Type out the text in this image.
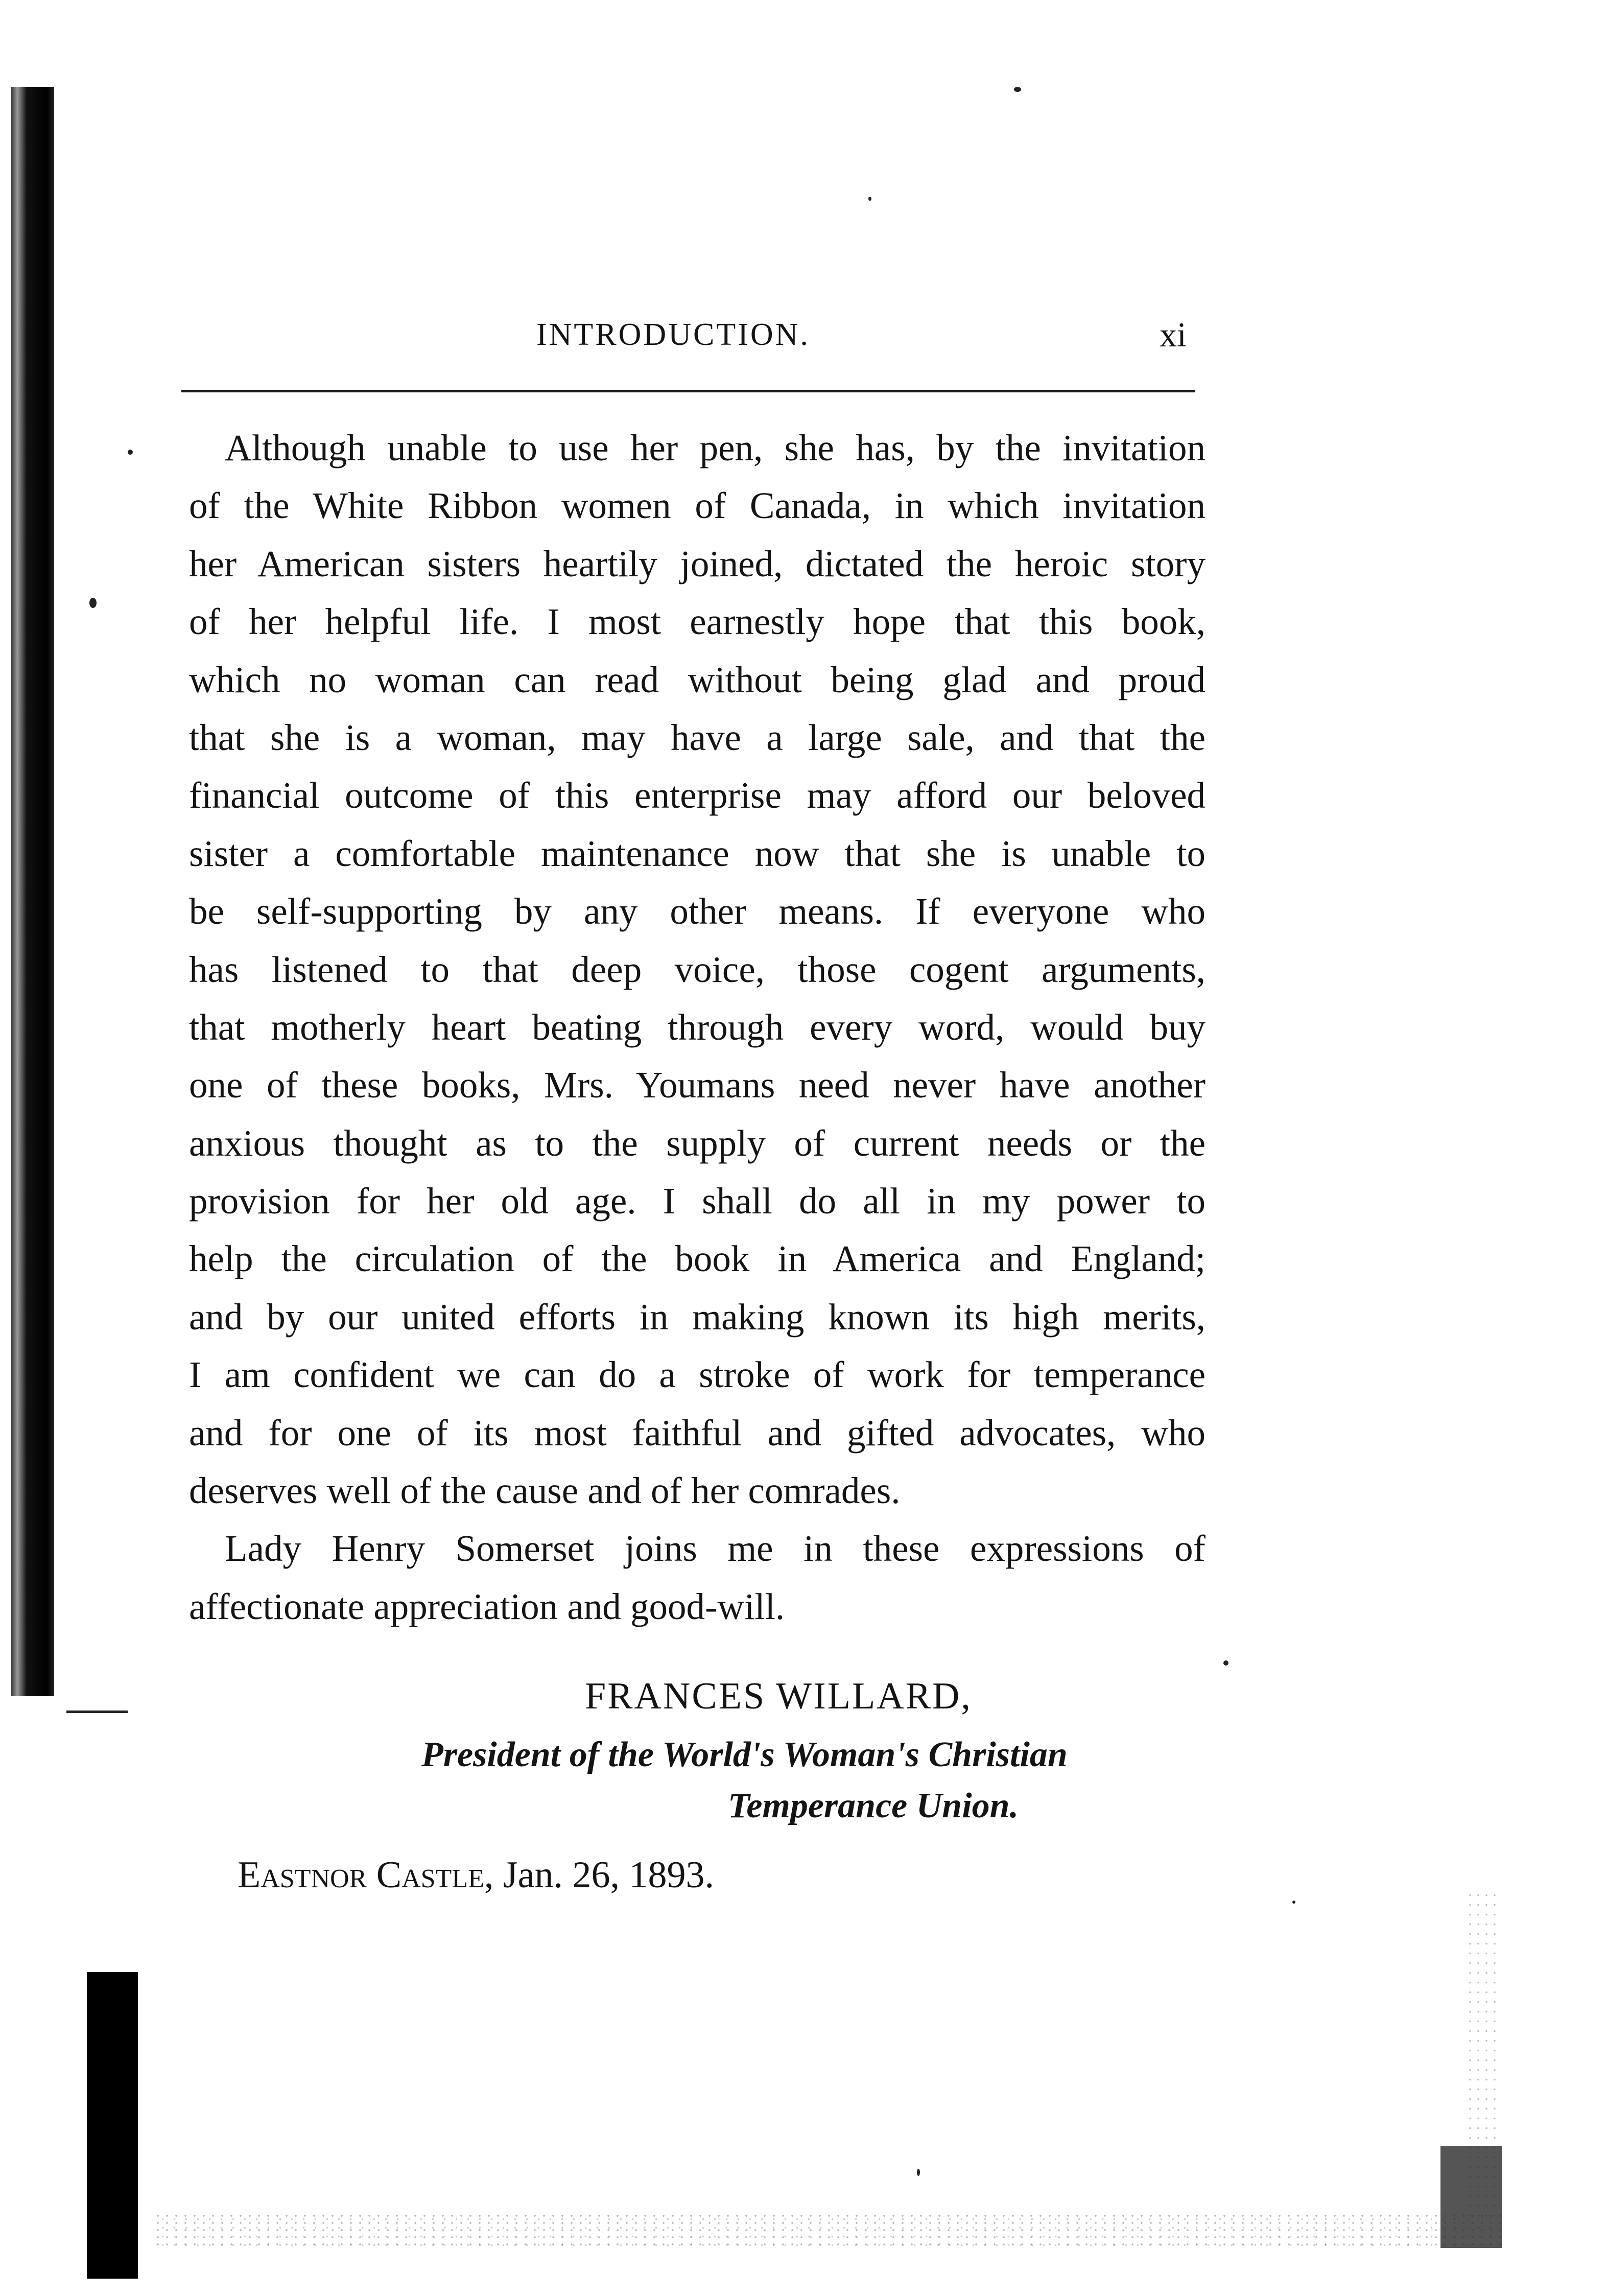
INTRODUCTION.	xi
Although unable to use her pen, she has, by the invitation
of the White Ribbon women of Canada, in which invitation
her American sisters heartily joined, dictated the heroic story
of her helpful life. I most earnestly hope that this book,
which no woman can read without being glad and proud
that she is a woman, may have a large sale, and that the
financial outcome of this enterprise may afford our beloved
sister a comfortable maintenance now that she is unable to
be self-supporting by any other means. If everyone who
has listened to that deep voice, those cogent arguments,
that motherly heart beating through every word, would buy
one of these books, Mrs. Youmans need never have another
anxious thought as to the supply of current needs or the
provision for her old age. I shall do all in my power to
help the circulation of the book in America and England;
and by our united efforts in making known its high merits,
I am confident we can do a stroke of work for temperance
and for one of its most faithful and gifted advocates, who
deserves well of the cause and of her comrades.
Lady Henry Somerset joins me in these expressions of
affectionate appreciation and good-will.
FRANCES WILLARD,
President of the World's Woman's Christian
Temperance Union.
Eastnor Castle, Jan. 26, 1893.
